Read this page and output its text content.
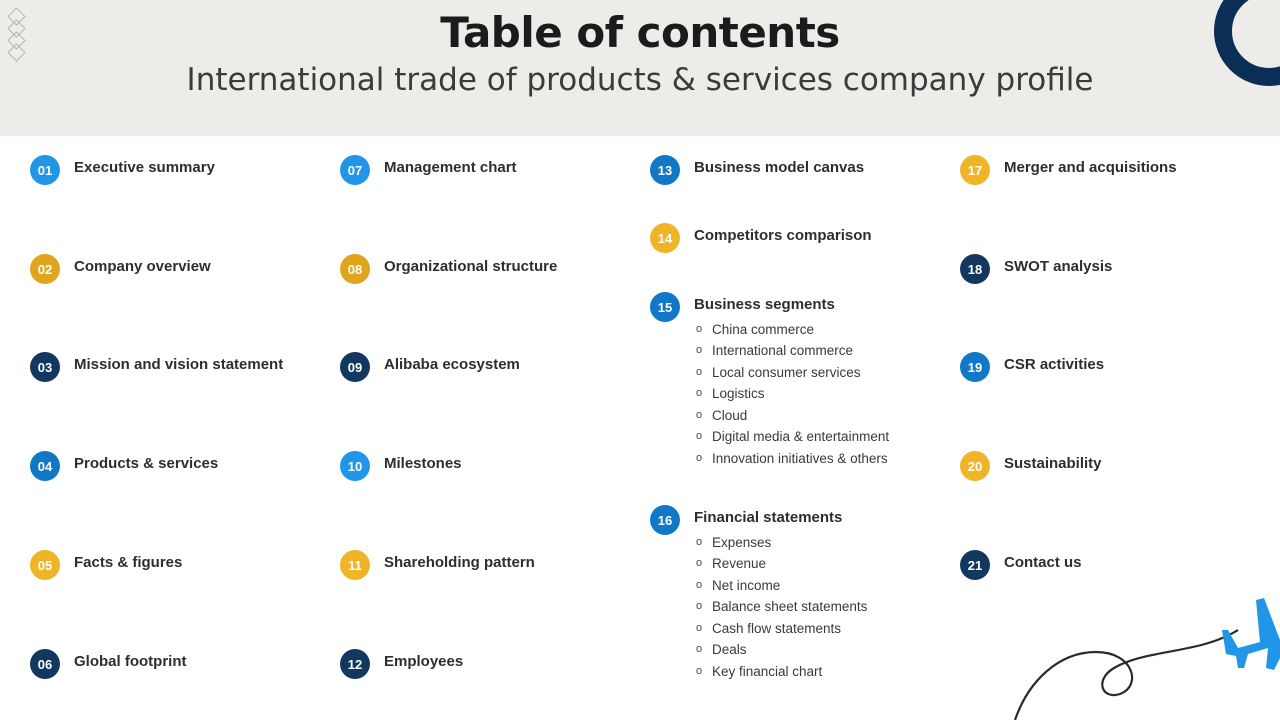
Table of contents
International trade of products & services company profile
01	Executive summary
02	Company overview
03	Mission and vision statement
04	Products & services
05	Facts & figures
06	Global footprint
07	Management chart
08	Organizational structure
09	Alibaba ecosystem
10	Milestones
11	Shareholding pattern
12	Employees
13	Business model canvas
14	Competitors comparison
15	Business segments
o China commerce
o International commerce
o Local consumer services
o Logistics
o Cloud
o Digital media & entertainment
o Innovation initiatives & others
16	Financial statements
o Expenses
o Revenue
o Net income
o Balance sheet statements
o Cash flow statements
o Deals
o Key financial chart
17	Merger and acquisitions
18	SWOT analysis
19	CSR activities
20	Sustainability
21	Contact us
